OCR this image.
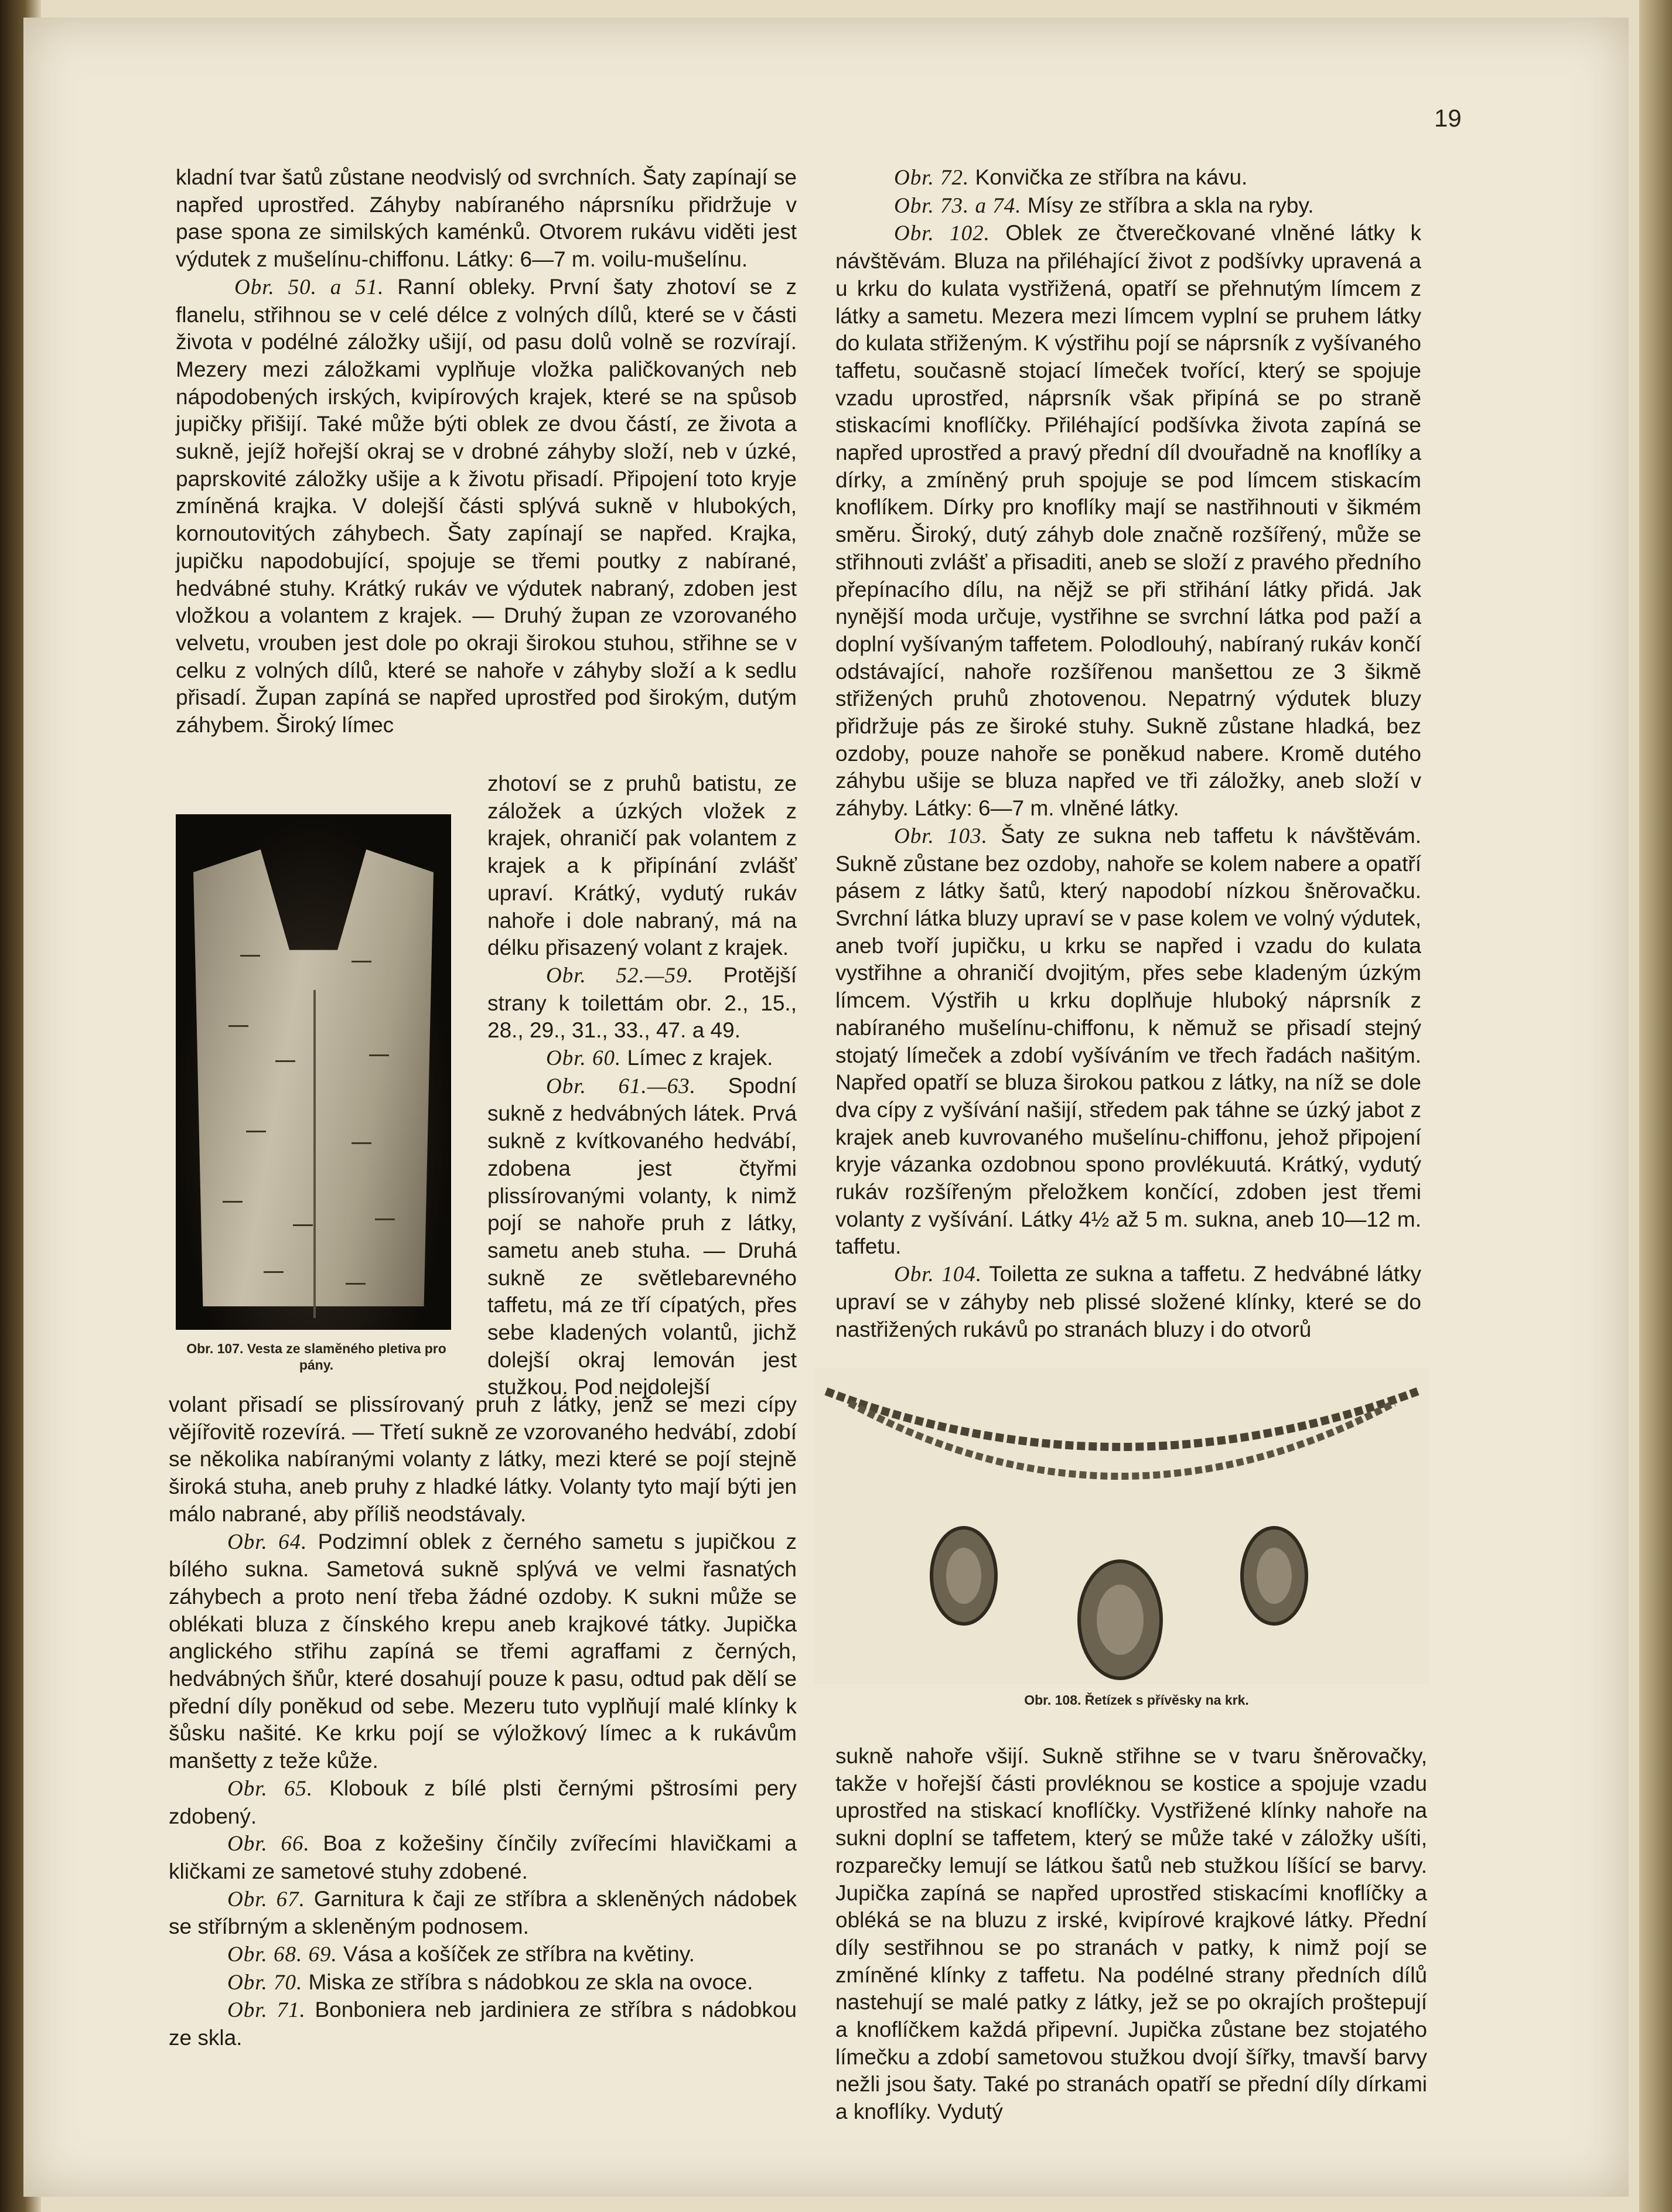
19

kladní tvar šatů zůstane neodvislý od svrchních. Šaty zapínají se napřed uprostřed. Záhyby nabíraného náprsníku přidržuje v pase spona ze similských kaménků. Otvorem rukávu viděti jest výdutek z mušelínu-chiffonu. Látky: 6—7 m. voilu-mušelínu.

Obr. 50. a 51. Ranní obleky. První šaty zhotoví se z flanelu, střihnou se v celé délce z volných dílů, které se v části života v podélné záložky ušijí, od pasu dolů volně se rozvírají. Mezery mezi záložkami vyplňuje vložka paličkovaných neb nápodobených irských, kvipírových krajek, které se na spůsob jupičky přišijí. Také může býti oblek ze dvou částí, ze života a sukně, jejíž hořejší okraj se v drobné záhyby složí, neb v úzké, paprskovité záložky ušije a k životu přisadí. Připojení toto kryje zmíněná krajka. V dolejší části splývá sukně v hlubokých, kornoutovitých záhybech. Šaty zapínají se napřed. Krajka, jupičku napodobující, spojuje se třemi poutky z nabírané, hedvábné stuhy. Krátký rukáv ve výdutek nabraný, zdoben jest vložkou a volantem z krajek. — Druhý župan ze vzorovaného velvetu, vrouben jest dole po okraji širokou stuhou, střihne se v celku z volných dílů, které se nahoře v záhyby složí a k sedlu přisadí. Župan zapíná se napřed uprostřed pod širokým, dutým záhybem. Široký límec

zhotoví se z pruhů batistu, ze záložek a úzkých vložek z krajek, ohraničí pak volantem z krajek a k připínání zvlášť upraví. Krátký, vydutý rukáv nahoře i dole nabraný, má na délku přisazený volant z krajek.

Obr. 52.—59. Protější strany k toilettám obr. 2., 15., 28., 29., 31., 33., 47. a 49.

Obr. 60. Límec z krajek.

Obr. 61.—63. Spodní sukně z hedvábných látek. Prvá sukně z kvítkovaného hedvábí, zdobena jest čtyřmi plissírovanými volanty, k nimž pojí se nahoře pruh z látky, sametu aneb stuha. — Druhá sukně ze světlebarevného taffetu, má ze tří cípatých, přes sebe kladených volantů, jichž dolejší okraj lemován jest stužkou. Pod nejdolejší

volant přisadí se plissírovaný pruh z látky, jenž se mezi cípy vějířovitě rozevírá. — Třetí sukně ze vzorovaného hedvábí, zdobí se několika nabíranými volanty z látky, mezi které se pojí stejně široká stuha, aneb pruhy z hladké látky. Volanty tyto mají býti jen málo nabrané, aby příliš neodstávaly.

Obr. 64. Podzimní oblek z černého sametu s jupičkou z bílého sukna. Sametová sukně splývá ve velmi řasnatých záhybech a proto není třeba žádné ozdoby. K sukni může se oblékati bluza z čínského krepu aneb krajkové tátky. Jupička anglického střihu zapíná se třemi agraffami z černých, hedvábných šňůr, které dosahují pouze k pasu, odtud pak dělí se přední díly poněkud od sebe. Mezeru tuto vyplňují malé klínky k šůsku našité. Ke krku pojí se výložkový límec a k rukávům manšetty z teže kůže.

Obr. 65. Klobouk z bílé plsti černými pštrosími pery zdobený.

Obr. 66. Boa z kožešiny čínčily zvířecími hlavičkami a kličkami ze sametové stuhy zdobené.

Obr. 67. Garnitura k čaji ze stříbra a skleněných nádobek se stříbrným a skleněným podnosem.

Obr. 68. 69. Vása a košíček ze stříbra na květiny.

Obr. 70. Miska ze stříbra s nádobkou ze skla na ovoce.

Obr. 71. Bonboniera neb jardiniera ze stříbra s nádobkou ze skla.

Obr. 72. Konvička ze stříbra na kávu.

Obr. 73. a 74. Mísy ze stříbra a skla na ryby.

Obr. 102. Oblek ze čtverečkované vlněné látky k návštěvám. Bluza na přiléhající život z podšívky upravená a u krku do kulata vystřižená, opatří se přehnutým límcem z látky a sametu. Mezera mezi límcem vyplní se pruhem látky do kulata střiženým. K výstřihu pojí se náprsník z vyšívaného taffetu, současně stojací límeček tvořící, který se spojuje vzadu uprostřed, náprsník však připíná se po straně stiskacími knoflíčky. Přiléhající podšívka života zapíná se napřed uprostřed a pravý přední díl dvouřadně na knoflíky a dírky, a zmíněný pruh spojuje se pod límcem stiskacím knoflíkem. Dírky pro knoflíky mají se nastřihnouti v šikmém směru. Široký, dutý záhyb dole značně rozšířený, může se střihnouti zvlášť a přisaditi, aneb se složí z pravého předního přepínacího dílu, na nějž se při střihání látky přidá. Jak nynější moda určuje, vystřihne se svrchní látka pod paží a doplní vyšívaným taffetem. Polodlouhý, nabíraný rukáv končí odstávající, nahoře rozšířenou manšettou ze 3 šikmě střižených pruhů zhotovenou. Nepatrný výdutek bluzy přidržuje pás ze široké stuhy. Sukně zůstane hladká, bez ozdoby, pouze nahoře se poněkud nabere. Kromě dutého záhybu ušije se bluza napřed ve tři záložky, aneb složí v záhyby. Látky: 6—7 m. vlněné látky.

Obr. 103. Šaty ze sukna neb taffetu k návštěvám. Sukně zůstane bez ozdoby, nahoře se kolem nabere a opatří pásem z látky šatů, který napodobí nízkou šněrovačku. Svrchní látka bluzy upraví se v pase kolem ve volný výdutek, aneb tvoří jupičku, u krku se napřed i vzadu do kulata vystřihne a ohraničí dvojitým, přes sebe kladeným úzkým límcem. Výstřih u krku doplňuje hluboký náprsník z nabíraného mušelínu-chiffonu, k němuž se přisadí stejný stojatý límeček a zdobí vyšíváním ve třech řadách našitým. Napřed opatří se bluza širokou patkou z látky, na níž se dole dva cípy z vyšívání našijí, středem pak táhne se úzký jabot z krajek aneb kuvrovaného mušelínu-chiffonu, jehož připojení kryje vázanka ozdobnou spono provlékuutá. Krátký, vydutý rukáv rozšířeným přeložkem končící, zdoben jest třemi volanty z vyšívání. Látky 4½ až 5 m. sukna, aneb 10—12 m. taffetu.

Obr. 104. Toiletta ze sukna a taffetu. Z hedvábné látky upraví se v záhyby neb plissé složené klínky, které se do nastřižených rukávů po stranách bluzy i do otvorů

sukně nahoře všijí. Sukně střihne se v tvaru šněrovačky, takže v hořejší části provléknou se kostice a spojuje vzadu uprostřed na stiskací knoflíčky. Vystřižené klínky nahoře na sukni doplní se taffetem, který se může také v záložky ušíti, rozparečky lemují se látkou šatů neb stužkou líšící se barvy. Jupička zapíná se napřed uprostřed stiskacími knoflíčky a obléká se na bluzu z irské, kvipírové krajkové látky. Přední díly sestřihnou se po stranách v patky, k nimž pojí se zmíněné klínky z taffetu. Na podélné strany předních dílů nastehují se malé patky z látky, jež se po okrajích proštepují a knoflíčkem každá připevní. Jupička zůstane bez stojatého límečku a zdobí sametovou stužkou dvojí šířky, tmavší barvy nežli jsou šaty. Také po stranách opatří se přední díly dírkami a knoflíky. Vydutý

Obr. 107. Vesta ze slaměného pletiva pro pány.
Obr. 108. Řetízek s přívěsky na krk.
